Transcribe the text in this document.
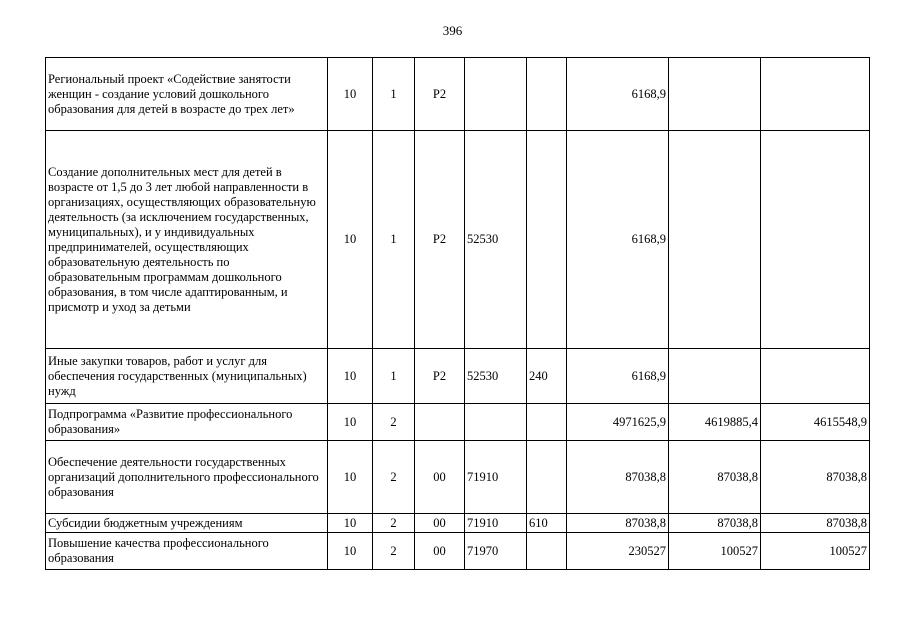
396
Региональный проект «Содействие занятости женщин - создание условий дошкольного образования для детей в возрасте до трех лет»	10	1	Р2			6168,9		
Создание дополнительных мест для детей в возрасте от 1,5 до 3 лет любой направленности в организациях, осуществляющих образовательную деятельность (за исключением государственных, муниципальных), и у индивидуальных предпринимателей, осуществляющих образовательную деятельность по образовательным программам дошкольного образования, в том числе адаптированным, и присмотр и уход за детьми	10	1	Р2	52530		6168,9		
Иные закупки товаров, работ и услуг для обеспечения государственных (муниципальных) нужд	10	1	Р2	52530	240	6168,9		
Подпрограмма «Развитие профессионального образования»	10	2				4971625,9	4619885,4	4615548,9
Обеспечение деятельности государственных организаций дополнительного профессионального образования	10	2	00	71910		87038,8	87038,8	87038,8
Субсидии бюджетным учреждениям	10	2	00	71910	610	87038,8	87038,8	87038,8
Повышение качества профессионального образования	10	2	00	71970		230527	100527	100527
